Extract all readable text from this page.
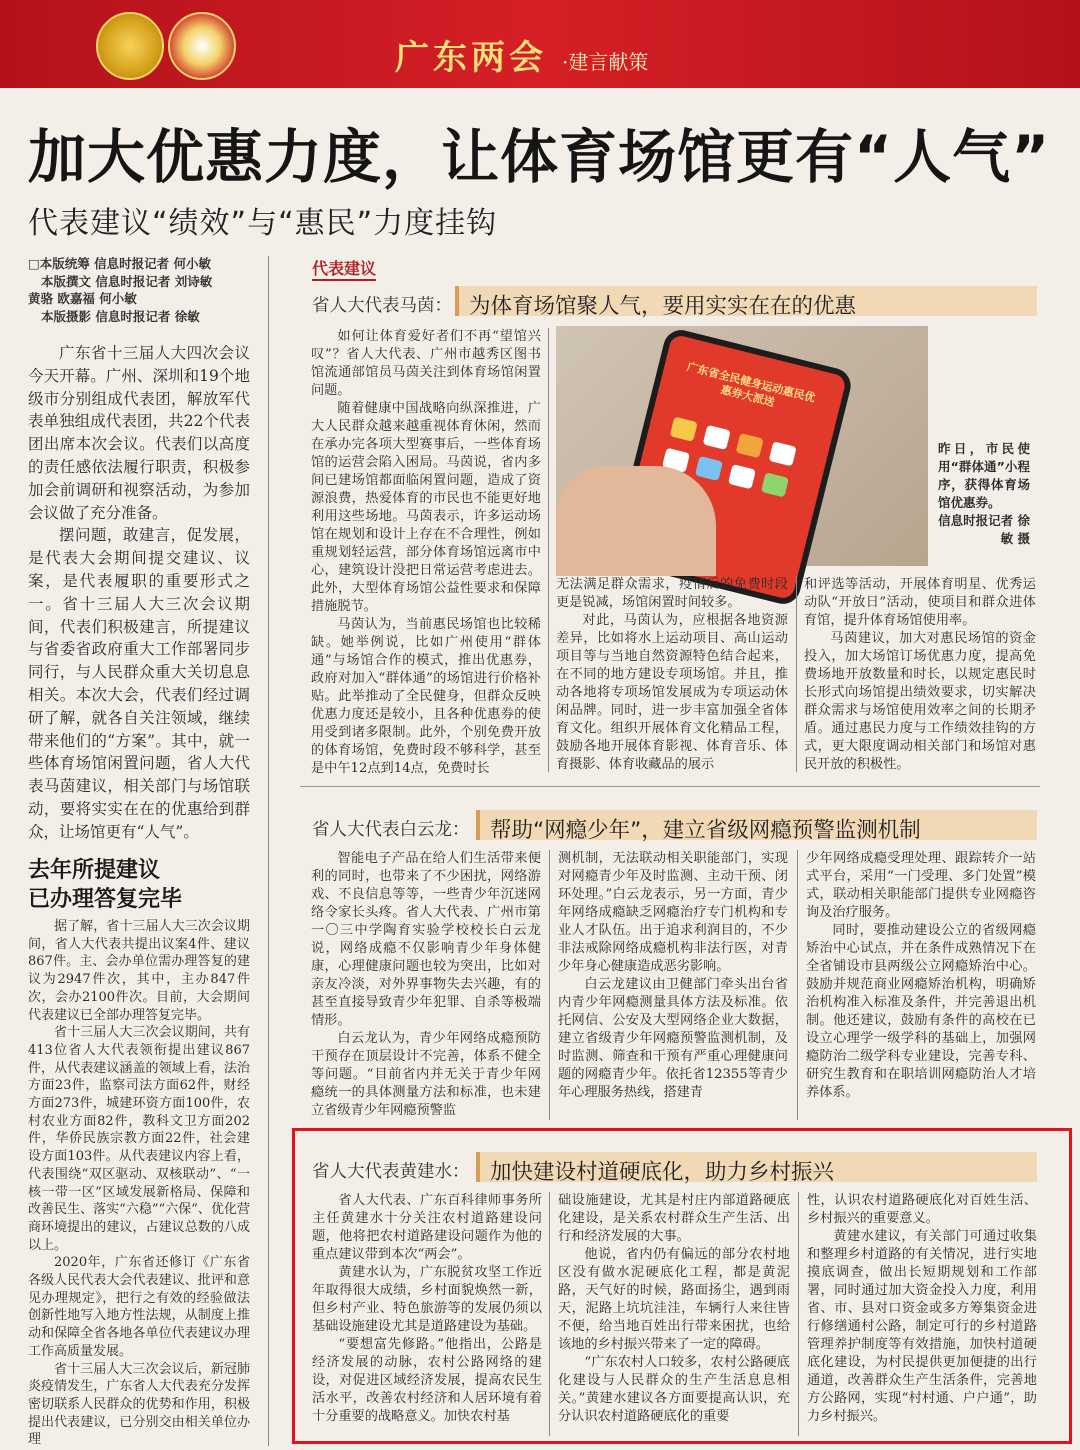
广东两会 ·建言献策
加大优惠力度，让体育场馆更有“人气”
代表建议“绩效”与“惠民”力度挂钩
□本版统筹 信息时报记者 何小敏
本版撰文 信息时报记者 刘诗敏
黄骆 欧嘉福 何小敏
本版摄影 信息时报记者 徐敏

广东省十三届人大四次会议今天开幕。广州、深圳和19个地级市分别组成代表团，解放军代表单独组成代表团，共22个代表团出席本次会议。代表们以高度的责任感依法履行职责，积极参加会前调研和视察活动，为参加会议做了充分准备。

摆问题，敢建言，促发展，是代表大会期间提交建议、议案，是代表履职的重要形式之一。省十三届人大三次会议期间，代表们积极建言，所提建议与省委省政府重大工作部署同步同行，与人民群众重大关切息息相关。本次大会，代表们经过调研了解，就各自关注领域，继续带来他们的“方案”。其中，就一些体育场馆闲置问题，省人大代表马茵建议，相关部门与场馆联动，要将实实在在的优惠给到群众，让场馆更有“人气”。

去年所提建议
已办理答复完毕

据了解，省十三届人大三次会议期间，省人大代表共提出议案4件、建议867件。主、会办单位需办理答复的建议为2947件次，其中，主办847件次，会办2100件次。目前，大会期间代表建议已全部办理答复完毕。

省十三届人大三次会议期间，共有413位省人大代表领衔提出建议867件，从代表建议涵盖的领域上看，法治方面23件，监察司法方面62件，财经方面273件，城建环资方面100件，农村农业方面82件，教科文卫方面202件，华侨民族宗教方面22件，社会建设方面103件。从代表建议内容上看，代表围绕“双区驱动、双核联动”、“一核一带一区”区域发展新格局、保障和改善民生、落实“六稳”“六保”、优化营商环境提出的建议，占建议总数的八成以上。

2020年，广东省还修订《广东省各级人民代表大会代表建议、批评和意见办理规定》，把行之有效的经验做法创新性地写入地方性法规，从制度上推动和保障全省各地各单位代表建议办理工作高质量发展。

省十三届人大三次会议后，新冠肺炎疫情发生，广东省人大代表充分发挥密切联系人民群众的优势和作用，积极提出代表建议，已分别交由相关单位办理

代表建议
省人大代表马茵： 为体育场馆聚人气，要用实实在在的优惠
广东省全民健身运动惠民优惠券大派送
昨日，市民使用“群体通”小程序，获得体育场馆优惠券。
信息时报记者 徐敏 摄

如何让体育爱好者们不再“望馆兴叹”？省人大代表、广州市越秀区图书馆流通部馆员马茵关注到体育场馆闲置问题。

随着健康中国战略向纵深推进，广大人民群众越来越重视体育休闲，然而在承办完各项大型赛事后，一些体育场馆的运营会陷入困局。马茵说，省内多间已建场馆都面临闲置问题，造成了资源浪费，热爱体育的市民也不能更好地利用这些场地。马茵表示，许多运动场馆在规划和设计上存在不合理性，例如重规划轻运营，部分体育场馆远离市中心，建筑设计没把日常运营考虑进去。此外，大型体育场馆公益性要求和保障措施脱节。

马茵认为，当前惠民场馆也比较稀缺。她举例说，比如广州使用“群体通”与场馆合作的模式，推出优惠券，政府对加入“群体通”的场馆进行价格补贴。此举推动了全民健身，但群众反映优惠力度还是较小，且各种优惠券的使用受到诸多限制。此外，个别免费开放的体育场馆，免费时段不够科学，甚至是中午12点到14点，免费时长

无法满足群众需求，疫情后的免费时段更是锐减，场馆闲置时间较多。

对此，马茵认为，应根据各地资源差异，比如将水上运动项目、高山运动项目等与当地自然资源特色结合起来，在不同的地方建设专项场馆。并且，推动各地将专项场馆发展成为专项运动休闲品牌。同时，进一步丰富加强全省体育文化。组织开展体育文化精品工程，鼓励各地开展体育影视、体育音乐、体育摄影、体育收藏品的展示

和评选等活动，开展体育明星、优秀运动队“开放日”活动，使项目和群众进体育馆，提升体育场馆使用率。

马茵建议，加大对惠民场馆的资金投入，加大场馆订场优惠力度，提高免费场地开放数量和时长，以规定惠民时长形式向场馆提出绩效要求，切实解决群众需求与场馆使用效率之间的长期矛盾。通过惠民力度与工作绩效挂钩的方式，更大限度调动相关部门和场馆对惠民开放的积极性。

省人大代表白云龙： 帮助“网瘾少年”，建立省级网瘾预警监测机制

智能电子产品在给人们生活带来便利的同时，也带来了不少困扰，网络游戏、不良信息等等，一些青少年沉迷网络令家长头疼。省人大代表、广州市第一〇三中学陶育实验学校校长白云龙说，网络成瘾不仅影响青少年身体健康，心理健康问题也较为突出，比如对亲友冷淡，对外界事物失去兴趣，有的甚至直接导致青少年犯罪、自杀等极端情形。

白云龙认为，青少年网络成瘾预防干预存在顶层设计不完善，体系不健全等问题。“目前省内并无关于青少年网瘾统一的具体测量方法和标准，也未建立省级青少年网瘾预警监

测机制，无法联动相关职能部门，实现对网瘾青少年及时监测、主动干预、闭环处理。”白云龙表示，另一方面，青少年网络成瘾缺乏网瘾治疗专门机构和专业人才队伍。出于追求利润目的，不少非法戒除网络成瘾机构非法行医，对青少年身心健康造成恶劣影响。

白云龙建议由卫健部门牵头出台省内青少年网瘾测量具体方法及标准。依托网信、公安及大型网络企业大数据，建立省级青少年网瘾预警监测机制，及时监测、筛查和干预有严重心理健康问题的网瘾青少年。依托省12355等青少年心理服务热线，搭建青

少年网络成瘾受理处理、跟踪转介一站式平台，采用“一门受理、多门处置”模式，联动相关职能部门提供专业网瘾咨询及治疗服务。

同时，要推动建设公立的省级网瘾矫治中心试点，并在条件成熟情况下在全省铺设市县两级公立网瘾矫治中心。鼓励并规范商业网瘾矫治机构，明确矫治机构准入标准及条件，并完善退出机制。他还建议，鼓励有条件的高校在已设立心理学一级学科的基础上，加强网瘾防治二级学科专业建设，完善专科、研究生教育和在职培训网瘾防治人才培养体系。

省人大代表黄建水： 加快建设村道硬底化，助力乡村振兴

省人大代表、广东百科律师事务所主任黄建水十分关注农村道路建设问题，他将把农村道路建设问题作为他的重点建议带到本次“两会”。

黄建水认为，广东脱贫攻坚工作近年取得很大成绩，乡村面貌焕然一新，但乡村产业、特色旅游等的发展仍须以基础设施建设尤其是道路建设为基础。

“要想富先修路。”他指出，公路是经济发展的动脉，农村公路网络的建设，对促进区域经济发展，提高农民生活水平，改善农村经济和人居环境有着十分重要的战略意义。加快农村基

础设施建设，尤其是村庄内部道路硬底化建设，是关系农村群众生产生活、出行和经济发展的大事。

他说，省内仍有偏远的部分农村地区没有做水泥硬底化工程，都是黄泥路，天气好的时候，路面扬尘，遇到雨天，泥路上坑坑洼洼，车辆行人来往皆不便，给当地百姓出行带来困扰，也给该地的乡村振兴带来了一定的障碍。

“广东农村人口较多，农村公路硬底化建设与人民群众的生产生活息息相关。”黄建水建议各方面要提高认识，充分认识农村道路硬底化的重要

性，认识农村道路硬底化对百姓生活、乡村振兴的重要意义。

黄建水建议，有关部门可通过收集和整理乡村道路的有关情况，进行实地摸底调查，做出长短期规划和工作部署，同时通过加大资金投入力度，利用省、市、县对口资金或多方筹集资金进行修缮通村公路，制定可行的乡村道路管理养护制度等有效措施，加快村道硬底化建设，为村民提供更加便捷的出行通道，改善群众生产生活条件，完善地方公路网，实现“村村通、户户通”，助力乡村振兴。
